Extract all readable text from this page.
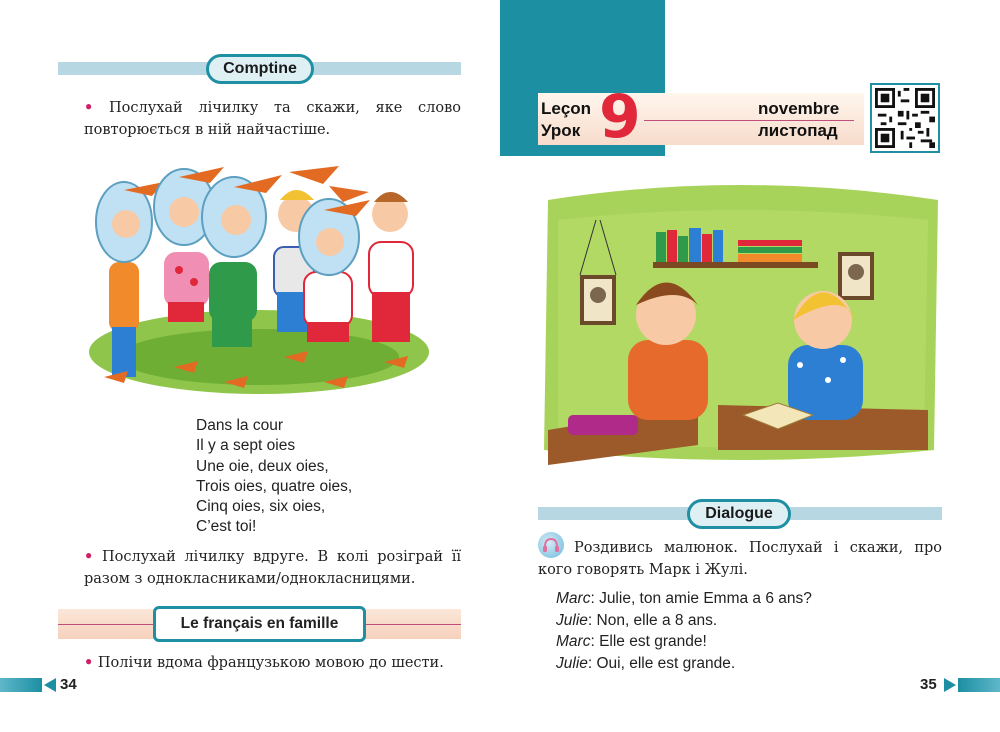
Comptine
• Послухай лічилку та скажи, яке слово повторюється в ній найчастіше.
Dans la cour
Il y a sept oies
Une oie, deux oies,
Trois oies, quatre oies,
Cinq oies, six oies,
C’est toi!
• Послухай лічилку вдруге. В колі розіграй її разом з однокласниками/однокласницями.
Le français en famille
• Полічи вдома французькою мовою до шести.
34
Leçon
Урок 9	novembre
листопад
Dialogue
Роздивись малюнок. Послухай і скажи, про кого говорять Марк і Жулі.
Marc: Julie, ton amie Emma a 6 ans?
Julie: Non, elle a 8 ans.
Marc: Elle est grande!
Julie: Oui, elle est grande.
35
